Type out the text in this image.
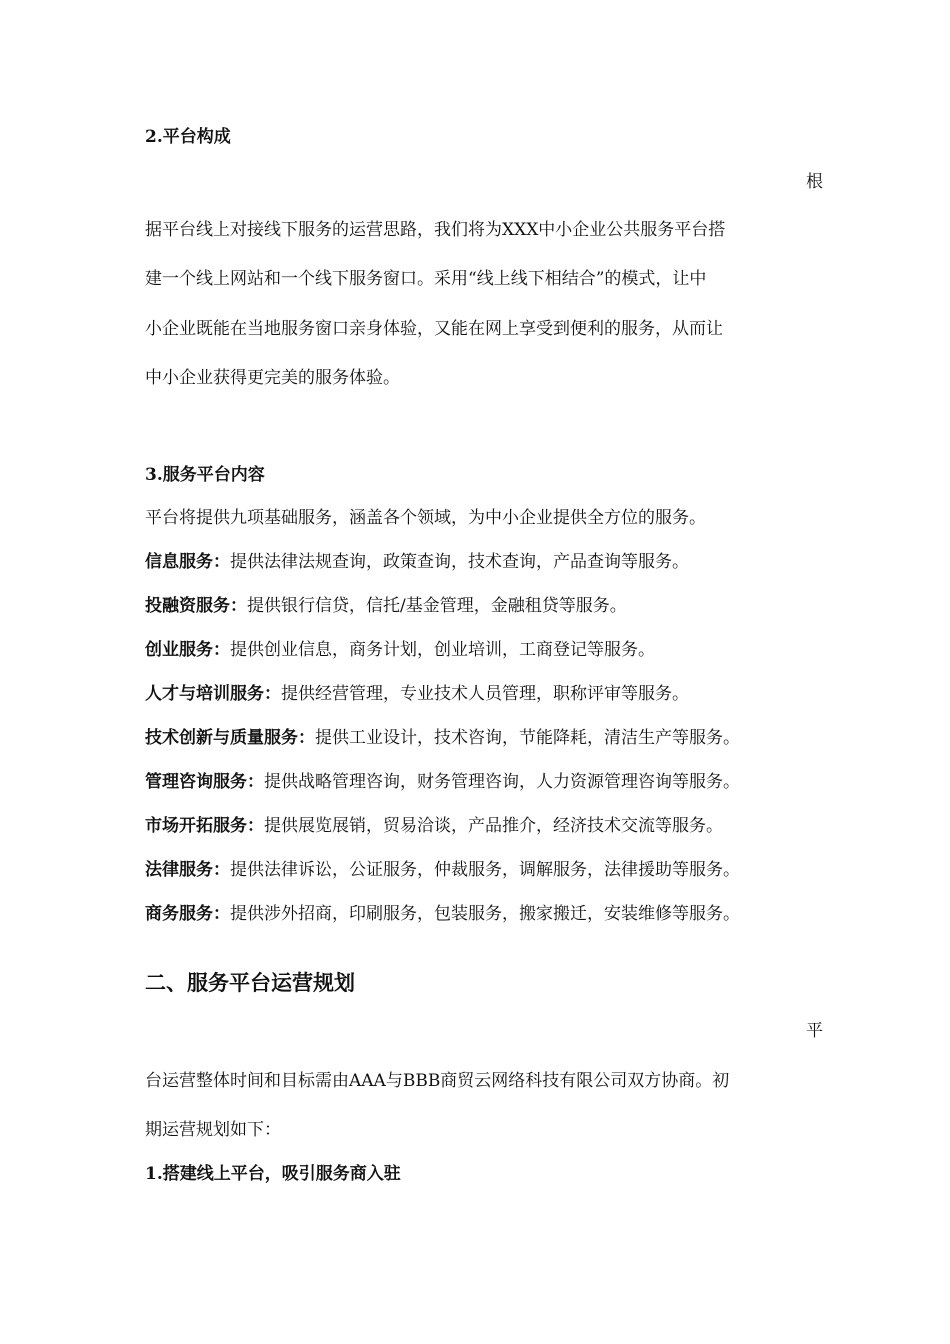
2.平台构成
根
据平台线上对接线下服务的运营思路，我们将为XXX中小企业公共服务平台搭
建一个线上网站和一个线下服务窗口。采用“线上线下相结合”的模式，让中
小企业既能在当地服务窗口亲身体验，又能在网上享受到便利的服务，从而让
中小企业获得更完美的服务体验。
3.服务平台内容
平台将提供九项基础服务，涵盖各个领域，为中小企业提供全方位的服务。
信息服务：提供法律法规查询，政策查询，技术查询，产品查询等服务。
投融资服务：提供银行信贷，信托/基金管理，金融租贷等服务。
创业服务：提供创业信息，商务计划，创业培训，工商登记等服务。
人才与培训服务：提供经营管理，专业技术人员管理，职称评审等服务。
技术创新与质量服务：提供工业设计，技术咨询，节能降耗，清洁生产等服务。
管理咨询服务：提供战略管理咨询，财务管理咨询，人力资源管理咨询等服务。
市场开拓服务：提供展览展销，贸易洽谈，产品推介，经济技术交流等服务。
法律服务：提供法律诉讼，公证服务，仲裁服务，调解服务，法律援助等服务。
商务服务：提供涉外招商，印刷服务，包装服务，搬家搬迁，安装维修等服务。
二、服务平台运营规划
平
台运营整体时间和目标需由AAA与BBB商贸云网络科技有限公司双方协商。初
期运营规划如下：
1.搭建线上平台，吸引服务商入驻
